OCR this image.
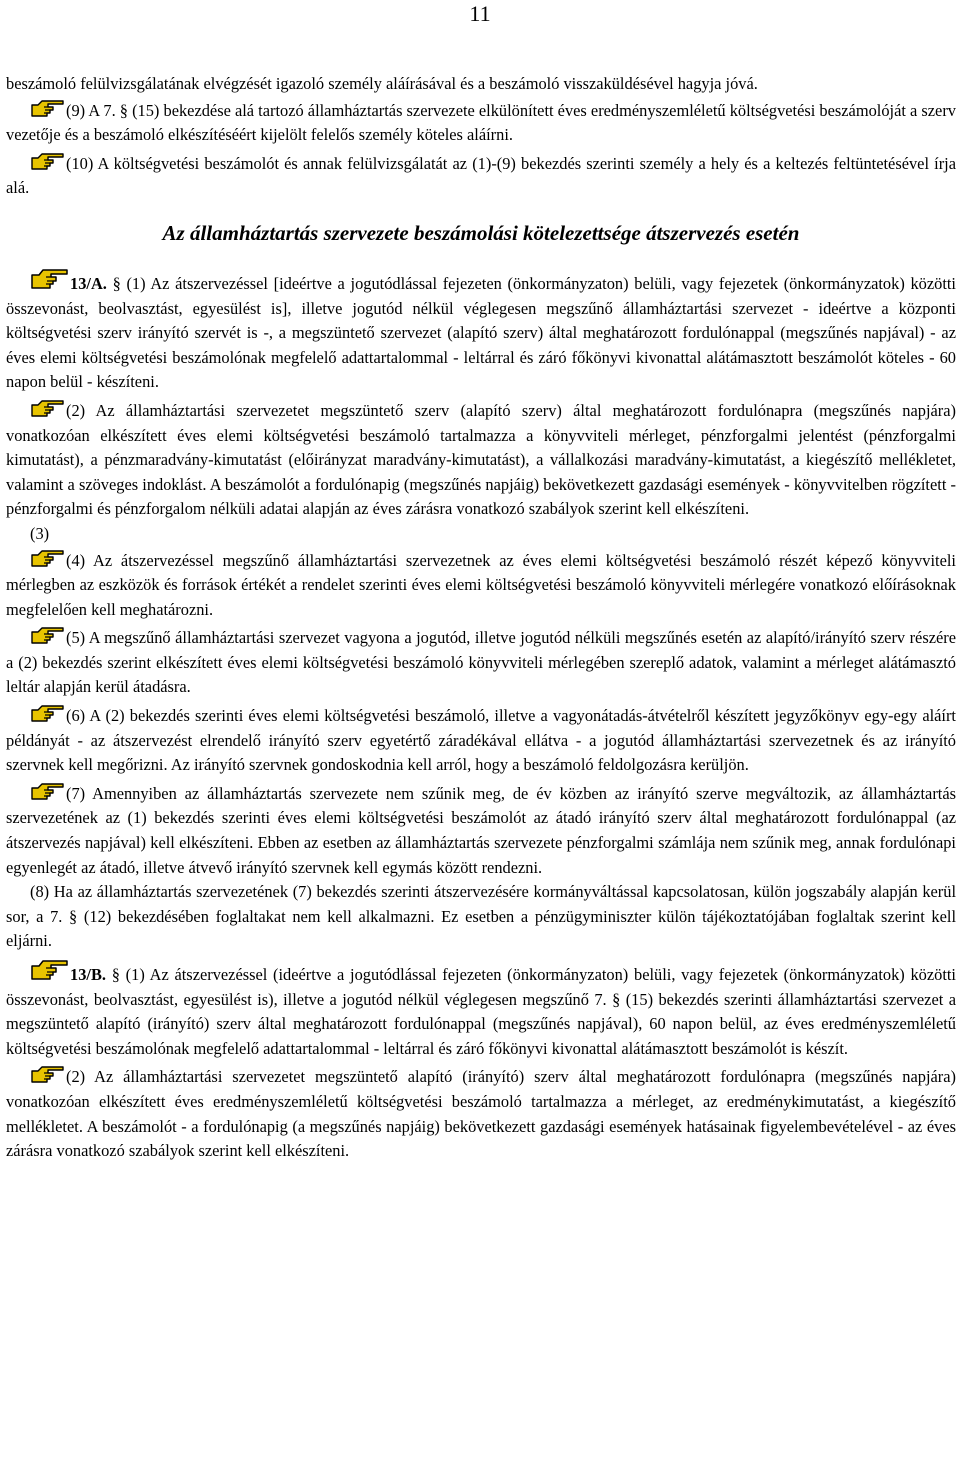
11

beszámoló felülvizsgálatának elvégzését igazoló személy aláírásával és a beszámoló visszaküldésével hagyja jóvá.

(9) A 7. § (15) bekezdése alá tartozó államháztartás szervezete elkülönített éves eredményszemléletű költségvetési beszámolóját a szerv vezetője és a beszámoló elkészítéséért kijelölt felelős személy köteles aláírni.

(10) A költségvetési beszámolót és annak felülvizsgálatát az (1)-(9) bekezdés szerinti személy a hely és a keltezés feltüntetésével írja alá.

Az államháztartás szervezete beszámolási kötelezettsége átszervezés esetén

13/A. § (1) Az átszervezéssel [ideértve a jogutódlással fejezeten (önkormányzaton) belüli, vagy fejezetek (önkormányzatok) közötti összevonást, beolvasztást, egyesülést is], illetve jogutód nélkül véglegesen megszűnő államháztartási szervezet - ideértve a központi költségvetési szerv irányító szervét is -, a megszüntető szervezet (alapító szerv) által meghatározott fordulónappal (megszűnés napjával) - az éves elemi költségvetési beszámolónak megfelelő adattartalommal - leltárral és záró főkönyvi kivonattal alátámasztott beszámolót köteles - 60 napon belül - készíteni.

(2) Az államháztartási szervezetet megszüntető szerv (alapító szerv) által meghatározott fordulónapra (megszűnés napjára) vonatkozóan elkészített éves elemi költségvetési beszámoló tartalmazza a könyvviteli mérleget, pénzforgalmi jelentést (pénzforgalmi kimutatást), a pénzmaradvány-kimutatást (előirányzat maradvány-kimutatást), a vállalkozási maradvány-kimutatást, a kiegészítő mellékletet, valamint a szöveges indoklást. A beszámolót a fordulónapig (megszűnés napjáig) bekövetkezett gazdasági események - könyvvitelben rögzített - pénzforgalmi és pénzforgalom nélküli adatai alapján az éves zárásra vonatkozó szabályok szerint kell elkészíteni.

(3)

(4) Az átszervezéssel megszűnő államháztartási szervezetnek az éves elemi költségvetési beszámoló részét képező könyvviteli mérlegben az eszközök és források értékét a rendelet szerinti éves elemi költségvetési beszámoló könyvviteli mérlegére vonatkozó előírásoknak megfelelően kell meghatározni.

(5) A megszűnő államháztartási szervezet vagyona a jogutód, illetve jogutód nélküli megszűnés esetén az alapító/irányító szerv részére a (2) bekezdés szerint elkészített éves elemi költségvetési beszámoló könyvviteli mérlegében szereplő adatok, valamint a mérleget alátámasztó leltár alapján kerül átadásra.

(6) A (2) bekezdés szerinti éves elemi költségvetési beszámoló, illetve a vagyonátadás-átvételről készített jegyzőkönyv egy-egy aláírt példányát - az átszervezést elrendelő irányító szerv egyetértő záradékával ellátva - a jogutód államháztartási szervezetnek és az irányító szervnek kell megőrizni. Az irányító szervnek gondoskodnia kell arról, hogy a beszámoló feldolgozásra kerüljön.

(7) Amennyiben az államháztartás szervezete nem szűnik meg, de év közben az irányító szerve megváltozik, az államháztartás szervezetének az (1) bekezdés szerinti éves elemi költségvetési beszámolót az átadó irányító szerv által meghatározott fordulónappal (az átszervezés napjával) kell elkészíteni. Ebben az esetben az államháztartás szervezete pénzforgalmi számlája nem szűnik meg, annak fordulónapi egyenlegét az átadó, illetve átvevő irányító szervnek kell egymás között rendezni.

(8) Ha az államháztartás szervezetének (7) bekezdés szerinti átszervezésére kormányváltással kapcsolatosan, külön jogszabály alapján kerül sor, a 7. § (12) bekezdésében foglaltakat nem kell alkalmazni. Ez esetben a pénzügyminiszter külön tájékoztatójában foglaltak szerint kell eljárni.

13/B. § (1) Az átszervezéssel (ideértve a jogutódlással fejezeten (önkormányzaton) belüli, vagy fejezetek (önkormányzatok) közötti összevonást, beolvasztást, egyesülést is), illetve a jogutód nélkül véglegesen megszűnő 7. § (15) bekezdés szerinti államháztartási szervezet a megszüntető alapító (irányító) szerv által meghatározott fordulónappal (megszűnés napjával), 60 napon belül, az éves eredményszemléletű költségvetési beszámolónak megfelelő adattartalommal - leltárral és záró főkönyvi kivonattal alátámasztott beszámolót is készít.

(2) Az államháztartási szervezetet megszüntető alapító (irányító) szerv által meghatározott fordulónapra (megszűnés napjára) vonatkozóan elkészített éves eredményszemléletű költségvetési beszámoló tartalmazza a mérleget, az eredménykimutatást, a kiegészítő mellékletet. A beszámolót - a fordulónapig (a megszűnés napjáig) bekövetkezett gazdasági események hatásainak figyelembevételével - az éves zárásra vonatkozó szabályok szerint kell elkészíteni.
